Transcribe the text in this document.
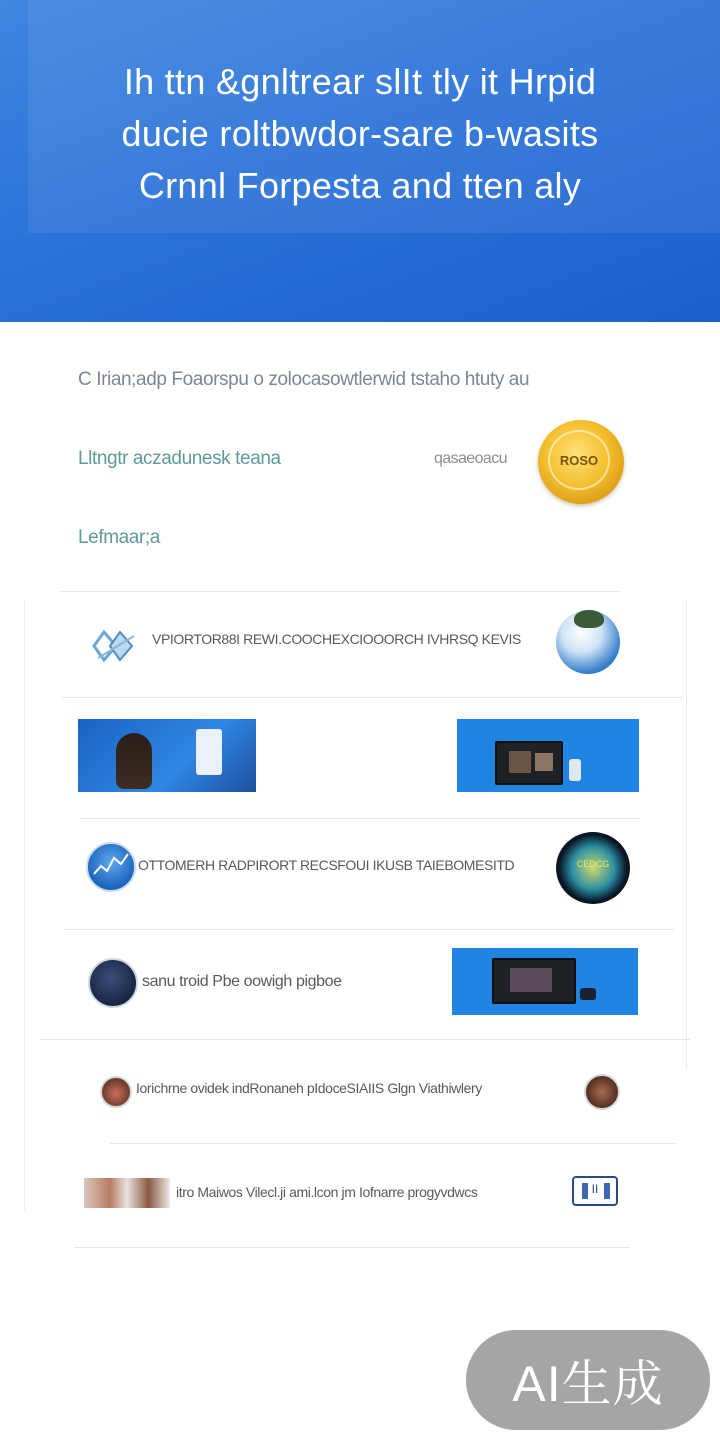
Ih ttn &gnltrear slIt tly it Hrpid
ducie roltbwdor-sare b-wasits
Crnnl Forpesta and tten aly
C Irian;adp Foaorspu o zolocasowtlerwid tstaho htuty au
Lltngtr aczadunesk teana
Lefmaar;a
qasaeoacu	ROSO
VPIORTOR88I REWI.COOCHEXCIOOORCH IVHRSQ KEVIS
OTTOMERH RADPIRORT RECSFOUI IKUSB TAIEBOMESITD	CEDCG
sanu troid Pbe oowigh pigboe
Iorichrne ovidek indRonaneh pIdoceSIAIIS Glgn Viathiwlery
itro Maiwos Vilecl.ji ami.lcon jm Iofnarre progyvdwcs	II
AI生成
